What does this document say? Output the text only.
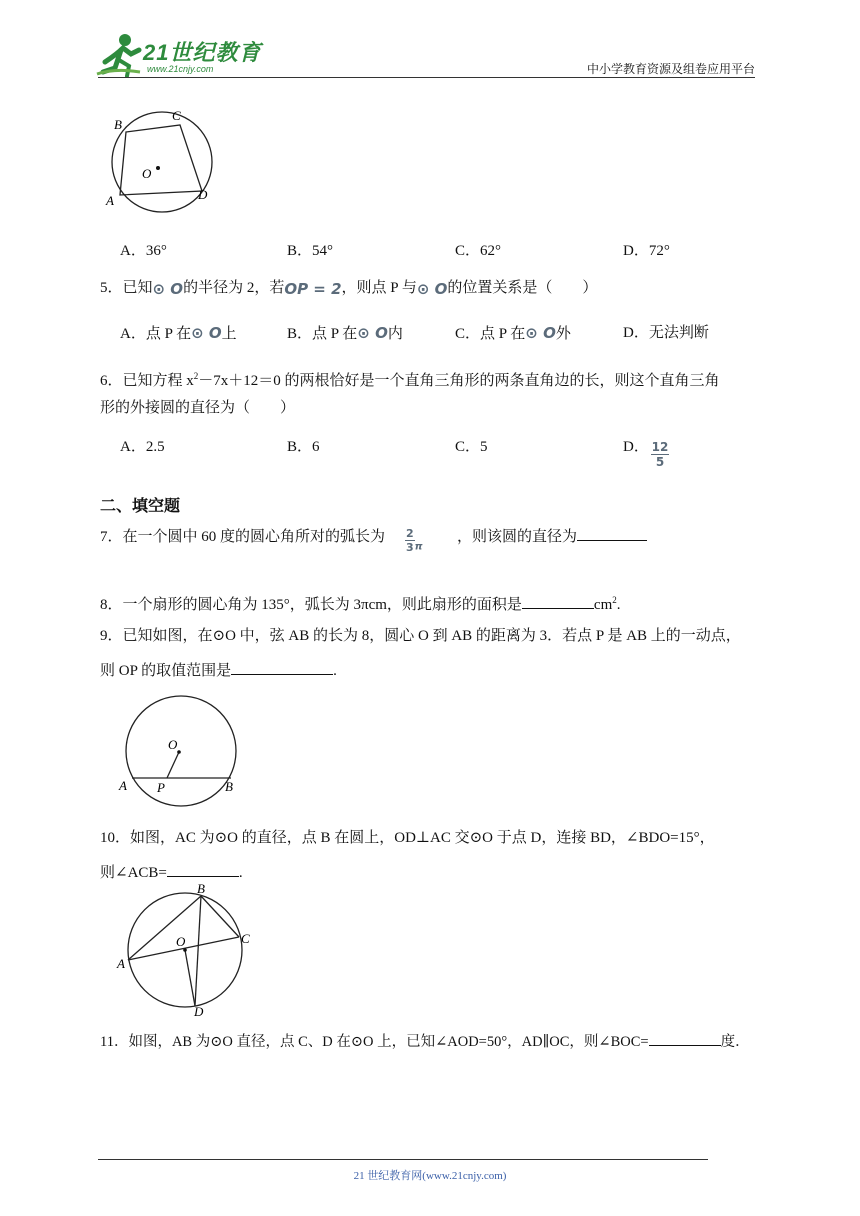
21世纪教育
www.21cnjy.com	中小学教育资源及组卷应用平台
B
C
O
A	D
A．36°	B．54°	C．62°	D．72°
5．已知⊙ O的半径为 2，若OP = 2，则点 P 与⊙ O的位置关系是（　　）
A．点 P 在⊙ O上	B．点 P 在⊙ O内	C．点 P 在⊙ O外	D．无法判断
6．已知方程 $x^2-7x+12=0$ 的两根恰好是一个直角三角形的两条直角边的长，则这个直角三角
形的外接圆的直径为（　　）
A．2.5	B．6	C．5	D． 12
5
二、填空题
7．在一个圆中 60 度的圆心角所对的弧长为	，则该圆的直径为
$\frac{2}{3}$ π
8．一个扇形的圆心角为 135°，弧长为 3πcm，则此扇形的面积是	$cm^2$.
9．已知如图，在⊙O 中，弦 AB 的长为 8，圆心 O 到 AB 的距离为 3．若点 P 是 AB 上的一动点，
则 OP 的取值范围是	.
O
A P	B
10．如图，AC 为⊙O 的直径，点 B 在圆上，OD⊥AC 交⊙O 于点 D，连接 BD，∠BDO=15°，
则∠ACB=	.
B
C
O
A
D
11．如图，AB 为⊙O 直径，点 C、D 在⊙O 上，已知∠AOD=50°，AD∥OC，则∠BOC=	度．
21 世纪教育网(www.21cnjy.com)
